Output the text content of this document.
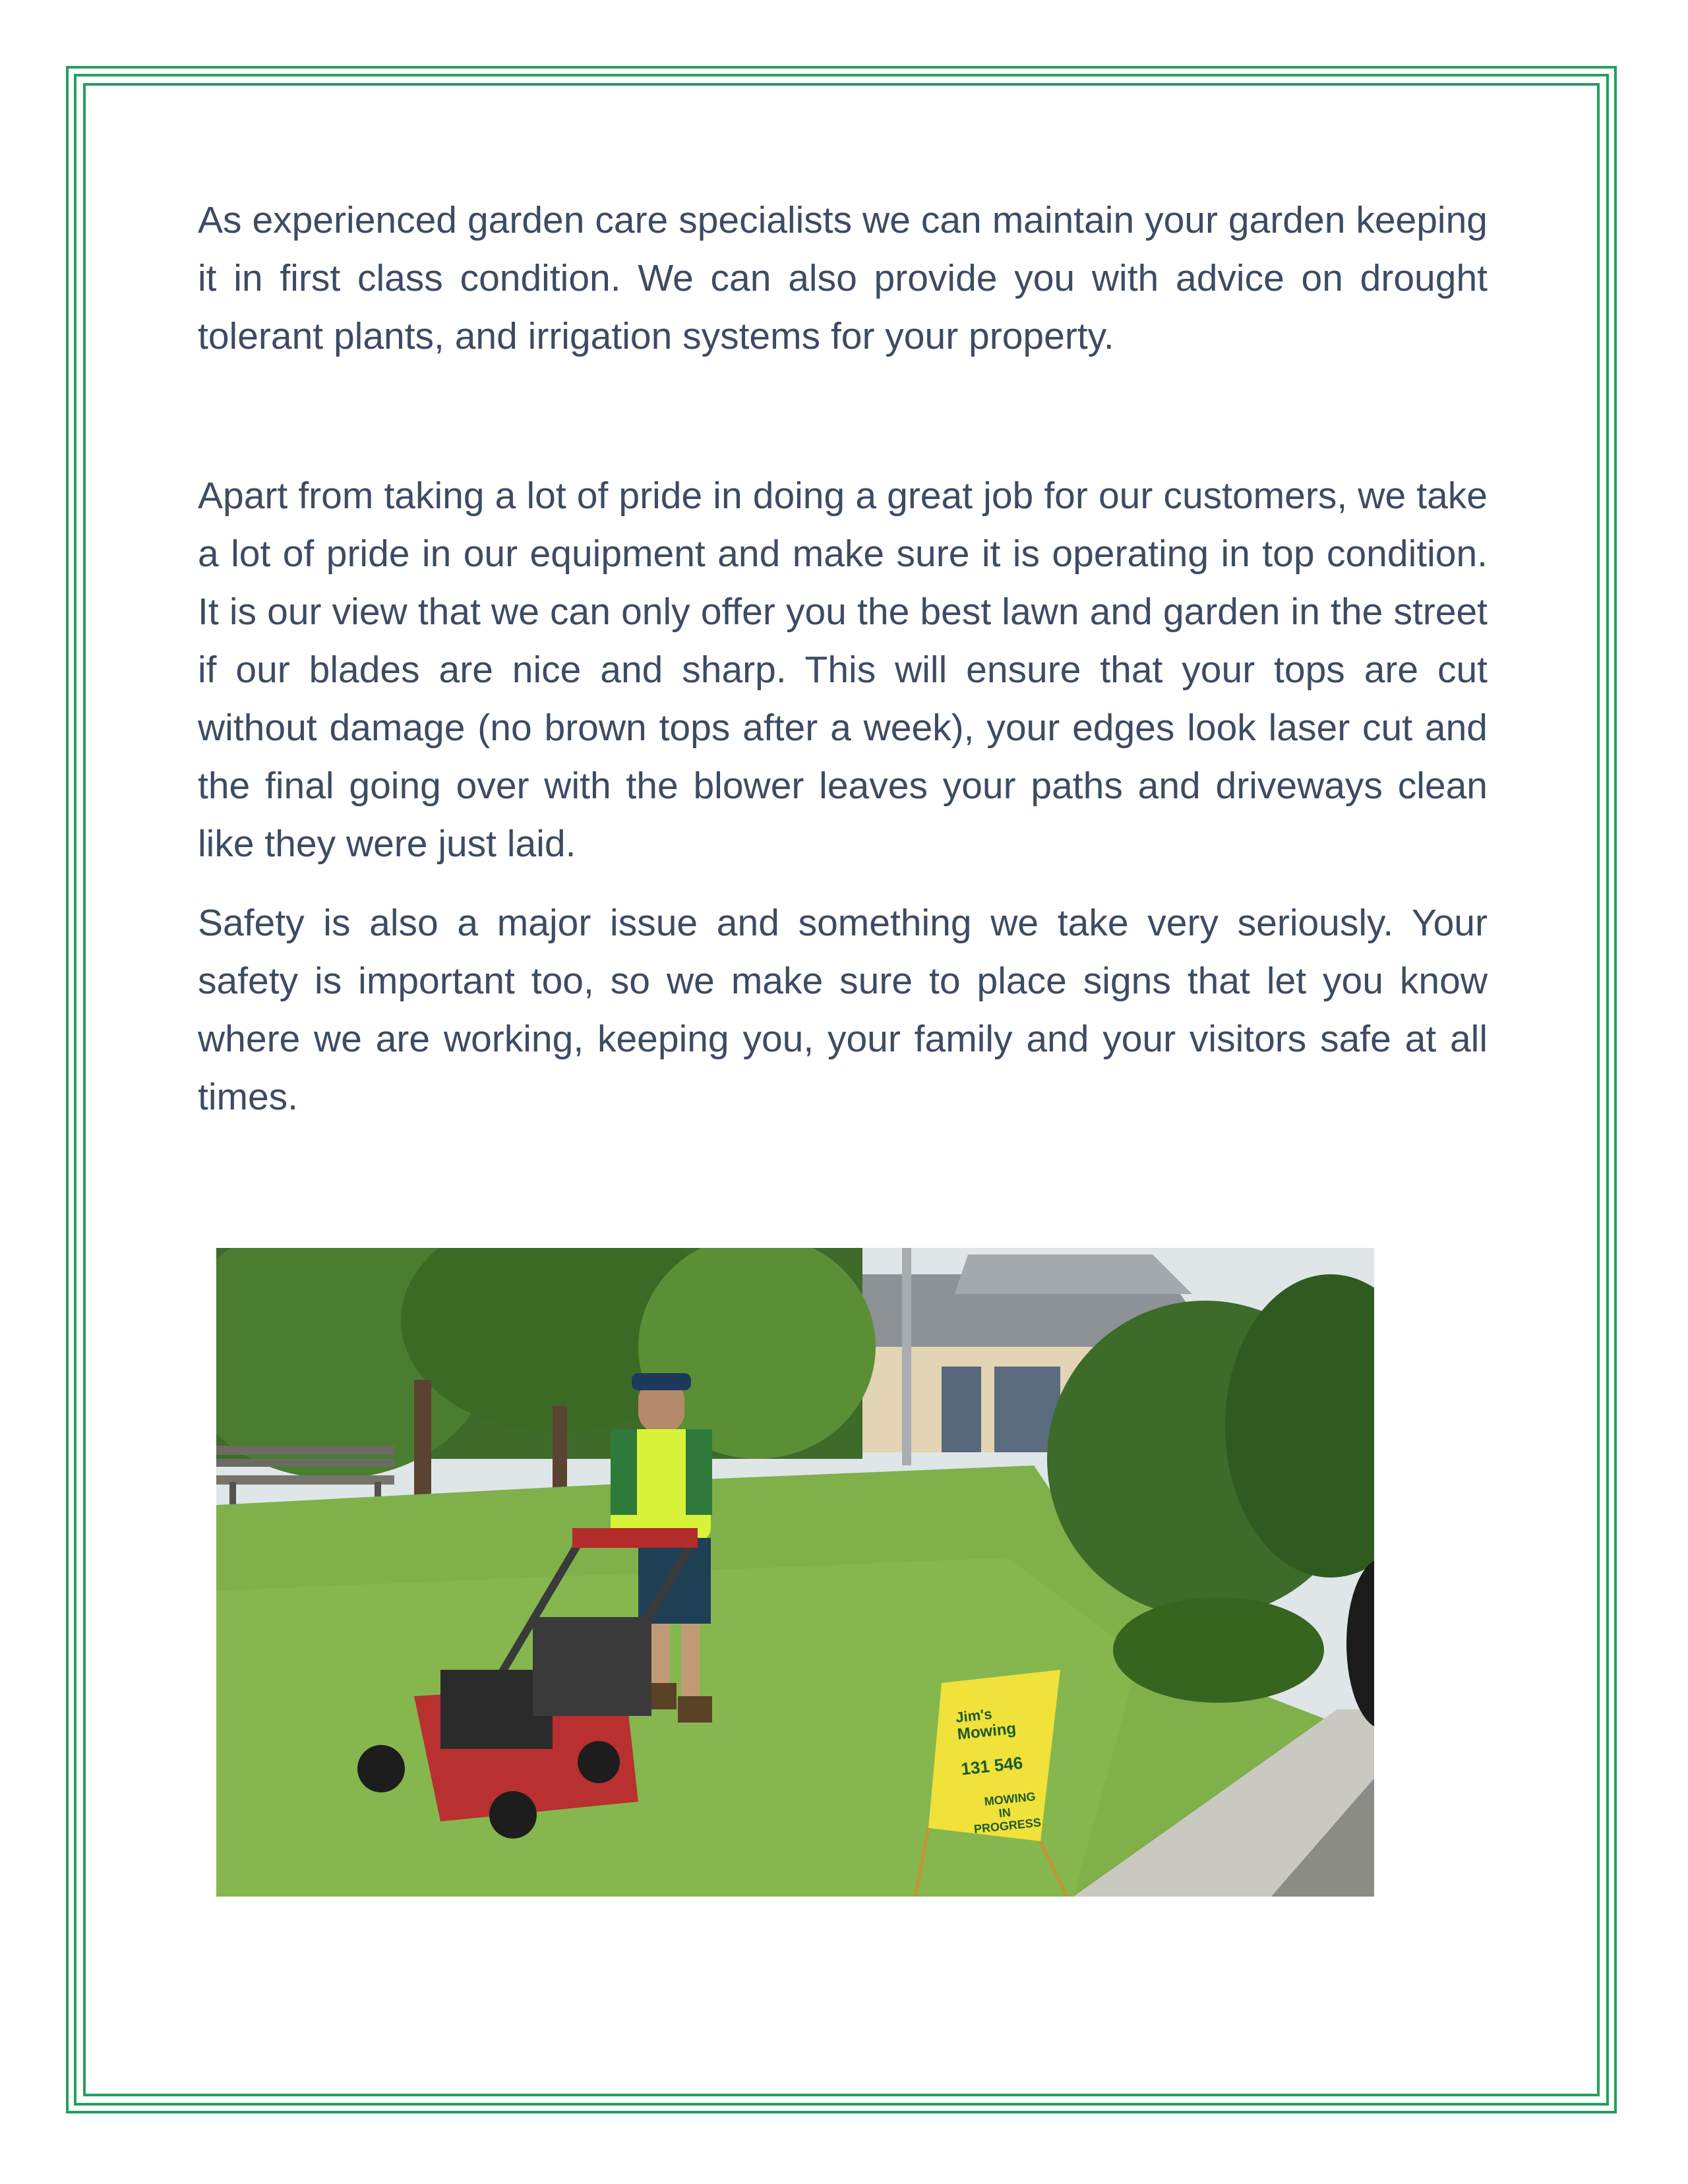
As experienced garden care specialists we can maintain your garden keeping it in first class condition. We can also provide you with advice on drought tolerant plants, and irrigation systems for your property.

Apart from taking a lot of pride in doing a great job for our customers, we take a lot of pride in our equipment and make sure it is operating in top condition. It is our view that we can only offer you the best lawn and garden in the street if our blades are nice and sharp. This will ensure that your tops are cut without damage (no brown tops after a week), your edges look laser cut and the final going over with the blower leaves your paths and driveways clean like they were just laid.

Safety is also a major issue and something we take very seriously. Your safety is important too, so we make sure to place signs that let you know where we are working, keeping you, your family and your visitors safe at all times.

Jim's
Mowing
131 546
MOWING
IN
PROGRESS
